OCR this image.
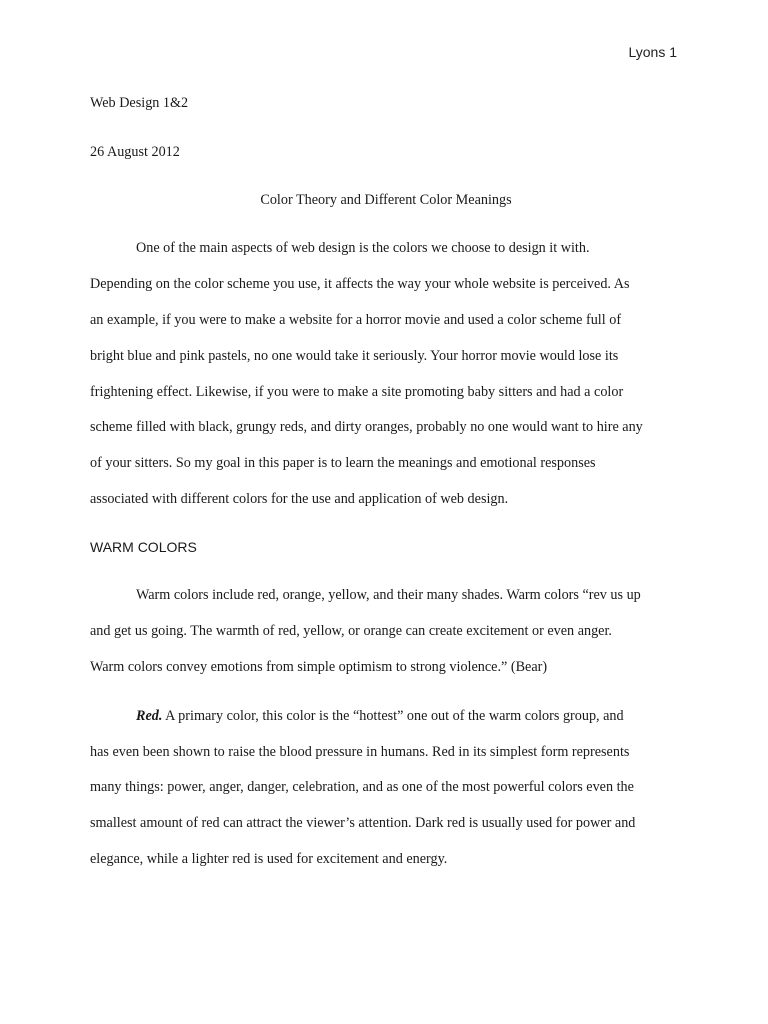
Lyons 1
Web Design 1&2
26 August 2012
Color Theory and Different Color Meanings
One of the main aspects of web design is the colors we choose to design it with.
Depending on the color scheme you use, it affects the way your whole website is perceived. As
an example, if you were to make a website for a horror movie and used a color scheme full of
bright blue and pink pastels, no one would take it seriously. Your horror movie would lose its
frightening effect. Likewise, if you were to make a site promoting baby sitters and had a color
scheme filled with black, grungy reds, and dirty oranges, probably no one would want to hire any
of your sitters. So my goal in this paper is to learn the meanings and emotional responses
associated with different colors for the use and application of web design.
WARM COLORS
Warm colors include red, orange, yellow, and their many shades. Warm colors “rev us up
and get us going. The warmth of red, yellow, or orange can create excitement or even anger.
Warm colors convey emotions from simple optimism to strong violence.” (Bear)
Red. A primary color, this color is the “hottest” one out of the warm colors group, and
has even been shown to raise the blood pressure in humans. Red in its simplest form represents
many things: power, anger, danger, celebration, and as one of the most powerful colors even the
smallest amount of red can attract the viewer’s attention. Dark red is usually used for power and
elegance, while a lighter red is used for excitement and energy.
